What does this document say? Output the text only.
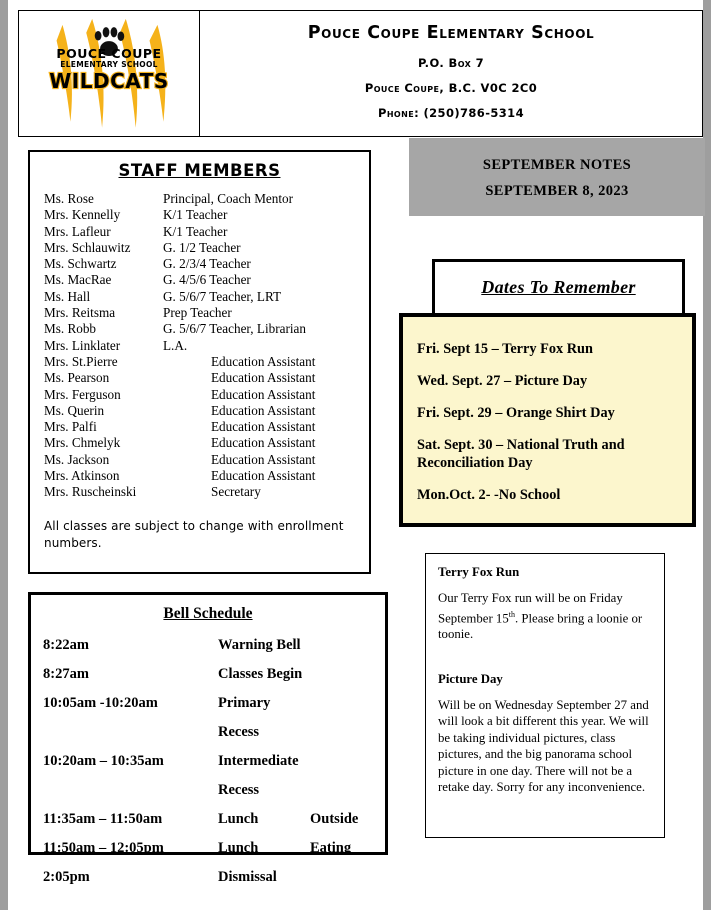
POUCE COUPE
ELEMENTARY SCHOOL
WILDCATS
Pouce Coupe Elementary School
P.O. Box 7
Pouce Coupe, B.C. V0C 2C0
Phone: (250)786-5314
STAFF MEMBERS
Ms. Rose	Principal, Coach Mentor
Mrs. Kennelly	K/1 Teacher
Mrs. Lafleur	K/1 Teacher
Mrs. Schlauwitz	G. 1/2 Teacher
Ms. Schwartz	G. 2/3/4 Teacher
Ms. MacRae	G. 4/5/6 Teacher
Ms. Hall	G. 5/6/7 Teacher, LRT
Mrs. Reitsma	Prep Teacher
Ms. Robb	G. 5/6/7 Teacher, Librarian
Mrs. Linklater	L.A.
Mrs. St.Pierre	Education Assistant
Ms. Pearson	Education Assistant
Mrs. Ferguson	Education Assistant
Ms. Querin	Education Assistant
Mrs. Palfi	Education Assistant
Mrs. Chmelyk	Education Assistant
Ms. Jackson	Education Assistant
Mrs. Atkinson	Education Assistant
Mrs. Ruscheinski	Secretary
All classes are subject to change with enrollment numbers.
Bell Schedule
8:22am	Warning Bell
8:27am	Classes Begin
10:05am -10:20am	Primary Recess
10:20am – 10:35am	Intermediate Recess
11:35am – 11:50am	Lunch	Outside
11:50am – 12:05pm	Lunch	Eating
2:05pm	Dismissal
SEPTEMBER NOTES
SEPTEMBER 8, 2023
Dates To Remember
Fri. Sept 15 – Terry Fox Run
Wed. Sept. 27 – Picture Day
Fri. Sept. 29 – Orange Shirt Day
Sat. Sept. 30 – National Truth and Reconciliation Day
Mon.Oct. 2- -No School
Terry Fox Run
Our Terry Fox run will be on Friday September 15th. Please bring a loonie or toonie.
Picture Day
Will be on Wednesday September 27 and will look a bit different this year. We will be taking individual pictures, class pictures, and the big panorama school picture in one day. There will not be a retake day. Sorry for any inconvenience.
